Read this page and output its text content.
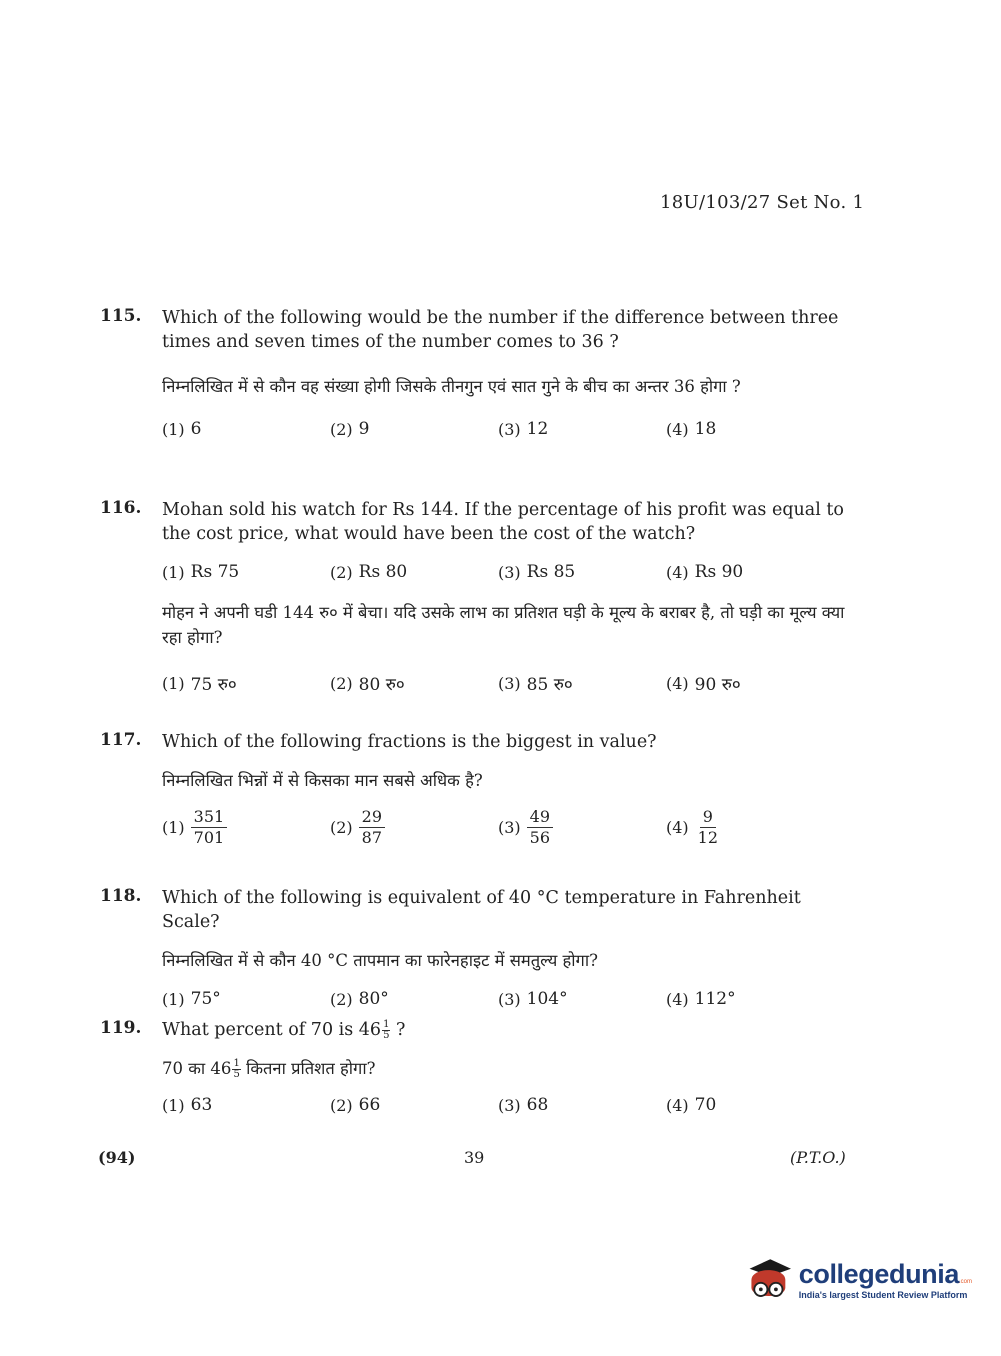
18U/103/27 Set No. 1
115.	Which of the following would be the number if the difference between three times and seven times of the number comes to 36 ?
निम्नलिखित में से कौन वह संख्या होगी जिसके तीनगुन एवं सात गुने के बीच का अन्तर 36 होगा ?
(1) 6	(2) 9	(3) 12	(4) 18
116.	Mohan sold his watch for Rs 144. If the percentage of his profit was equal to the cost price, what would have been the cost of the watch?
(1) Rs 75	(2) Rs 80	(3) Rs 85	(4) Rs 90
मोहन ने अपनी घडी 144 रु० में बेचा। यदि उसके लाभ का प्रतिशत घड़ी के मूल्य के बराबर है, तो घड़ी का मूल्य क्या रहा होगा?
(1) 75 रु०	(2) 80 रु०	(3) 85 रु०	(4) 90 रु०
117.	Which of the following fractions is the biggest in value?
निम्नलिखित भिन्नों में से किसका मान सबसे अधिक है?
$(1) \frac{351}{701}$	$(2) \frac{29}{87}$	$(3) \frac{49}{56}$	$(4) \frac{9}{12}$
118.	Which of the following is equivalent of 40 °C temperature in Fahrenheit Scale?
निम्नलिखित में से कौन 40 °C तापमान का फारेनहाइट में समतुल्य होगा?
(1) 75°	(2) 80°	(3) 104°	(4) 112°
119.	What percent of 70 is $46 \frac{1}{5}$ ?
70 का $46 \frac{1}{5}$ कितना प्रतिशत होगा?
(1) 63	(2) 66	(3) 68	(4) 70
(94)	39	(P.T.O.)
collegedunia.com
India's largest Student Review Platform
